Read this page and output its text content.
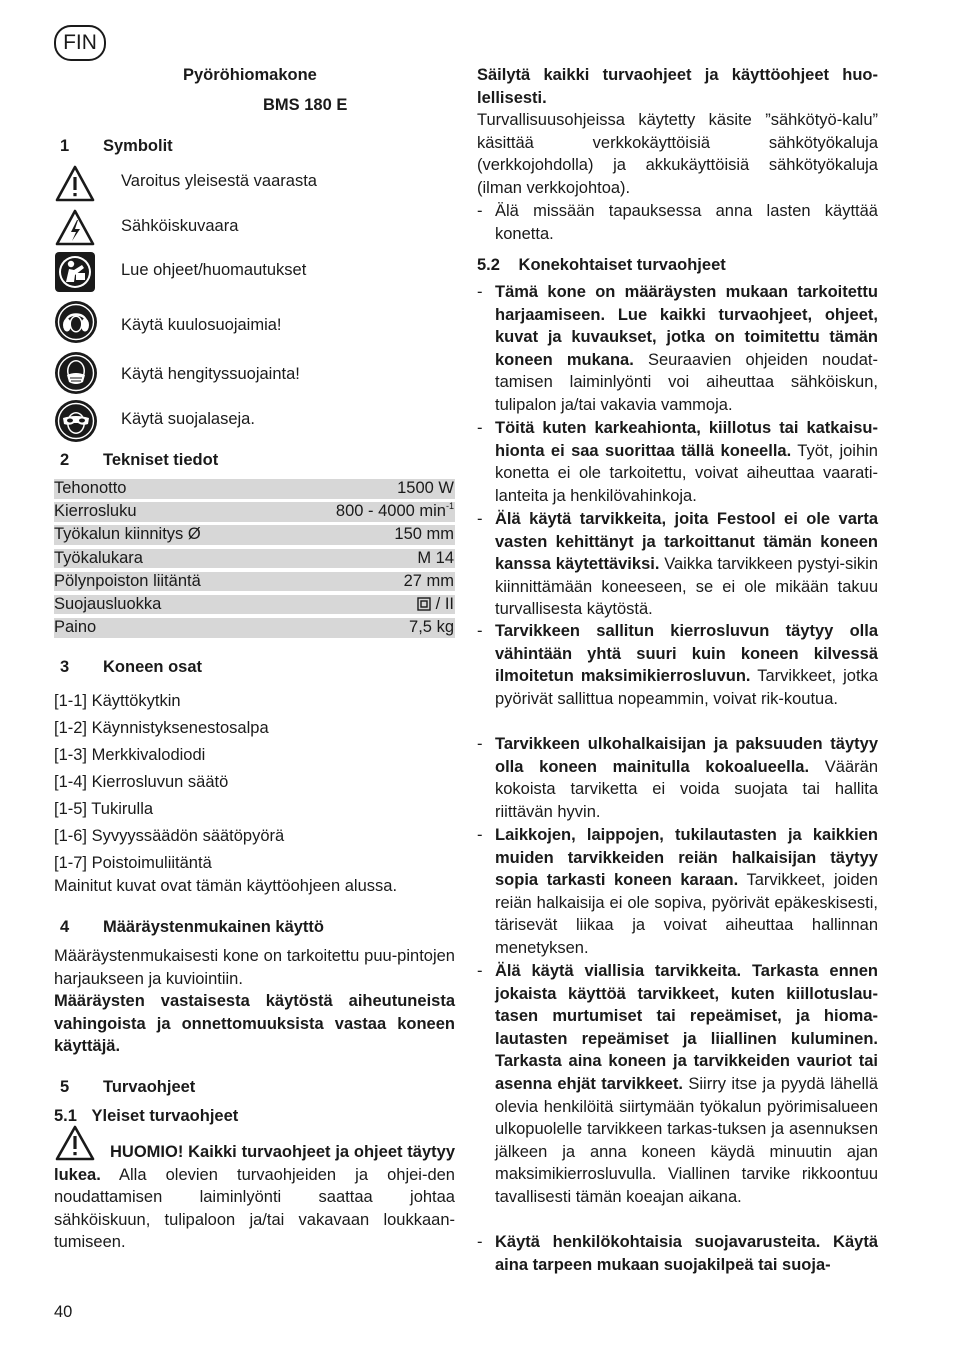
FIN
Pyöröhiomakone
BMS 180 E
1 Symbolit
Varoitus yleisestä vaarasta
Sähköiskuvaara
Lue ohjeet/huomautukset
Käytä kuulosuojaimia!
Käytä hengityssuojainta!
Käytä suojalaseja.
2 Tekniset tiedot
Tehonotto	1500 W
Kierrosluku	800 - 4000 $\min^{-1}$
Työkalun kiinnitys Ø	150 mm
Työkalukara	M 14
Pölynpoiston liitäntä	27 mm
Suojausluokka	/ II
Paino	7,5 kg
3 Koneen osat
[1-1] Käyttökytkin
[1-2] Käynnistyksenestosalpa
[1-3] Merkkivalodiodi
[1-4] Kierrosluvun säätö
[1-5] Tukirulla
[1-6] Syvyyssäädön säätöpyörä
[1-7] Poistoimuliitäntä
Mainitut kuvat ovat tämän käyttöohjeen alussa.
4 Määräystenmukainen käyttö
Määräystenmukaisesti kone on tarkoitettu puu-pintojen harjaukseen ja kuviointiin.
Määräysten vastaisesta käytöstä aiheutuneista vahingoista ja onnettomuuksista vastaa koneen käyttäjä.
5 Turvaohjeet
5.1 Yleiset turvaohjeet
HUOMIO! Kaikki turvaohjeet ja ohjeet täytyy lukea. Alla olevien turvaohjeiden ja ohjei-den noudattamisen laiminlyönti saattaa johtaa sähköiskuun, tulipaloon ja/tai vakavaan loukkaan-tumiseen.
Säilytä kaikki turvaohjeet ja käyttöohjeet huo-lellisesti.
Turvallisuusohjeissa käytetty käsite ”sähkötyö-kalu” käsittää verkkokäyttöisiä sähkötyökaluja (verkkojohdolla) ja akkukäyttöisiä sähkötyökaluja (ilman verkkojohtoa).
- Älä missään tapauksessa anna lasten käyttää konetta.
5.2 Konekohtaiset turvaohjeet
- Tämä kone on määräysten mukaan tarkoitettu harjaamiseen. Lue kaikki turvaohjeet, ohjeet, kuvat ja kuvaukset, jotka on toimitettu tämän koneen mukana. Seuraavien ohjeiden noudat-tamisen laiminlyönti voi aiheuttaa sähköiskun, tulipalon ja/tai vakavia vammoja.
- Töitä kuten karkeahionta, kiillotus tai katkaisu-hionta ei saa suorittaa tällä koneella. Työt, joihin konetta ei ole tarkoitettu, voivat aiheuttaa vaarati-lanteita ja henkilövahinkoja.
- Älä käytä tarvikkeita, joita Festool ei ole varta vasten kehittänyt ja tarkoittanut tämän koneen kanssa käytettäviksi. Vaikka tarvikkeen pystyi-sikin kiinnittämään koneeseen, se ei ole mikään takuu turvallisesta käytöstä.
- Tarvikkeen sallitun kierrosluvun täytyy olla vähintään yhtä suuri kuin koneen kilvessä ilmoitetun maksimikierrosluvun. Tarvikkeet, jotka pyörivät sallittua nopeammin, voivat rik-koutua.
- Tarvikkeen ulkohalkaisijan ja paksuuden täytyy olla koneen mainitulla kokoalueella. Väärän kokoista tarviketta ei voida suojata tai hallita riittävän hyvin.
- Laikkojen, laippojen, tukilautasten ja kaikkien muiden tarvikkeiden reiän halkaisijan täytyy sopia tarkasti koneen karaan. Tarvikkeet, joiden reiän halkaisija ei ole sopiva, pyörivät epäkeskisesti, tärisevät liikaa ja voivat aiheuttaa hallinnan menetyksen.
- Älä käytä viallisia tarvikkeita. Tarkasta ennen jokaista käyttöä tarvikkeet, kuten kiillotuslau-tasen murtumiset tai repeämiset, ja hioma-lautasten repeämiset ja liiallinen kuluminen. Tarkasta aina koneen ja tarvikkeiden vauriot tai asenna ehjät tarvikkeet. Siirry itse ja pyydä lähellä olevia henkilöitä siirtymään työkalun pyörimisalueen ulkopuolelle tarvikkeen tarkas-tuksen ja asennuksen jälkeen ja anna koneen käydä minuutin ajan maksimikierrosluvulla. Viallinen tarvike rikkoontuu tavallisesti tämän koeajan aikana.
- Käytä henkilökohtaisia suojavarusteita. Käytä aina tarpeen mukaan suojakilpeä tai suoja-
40
